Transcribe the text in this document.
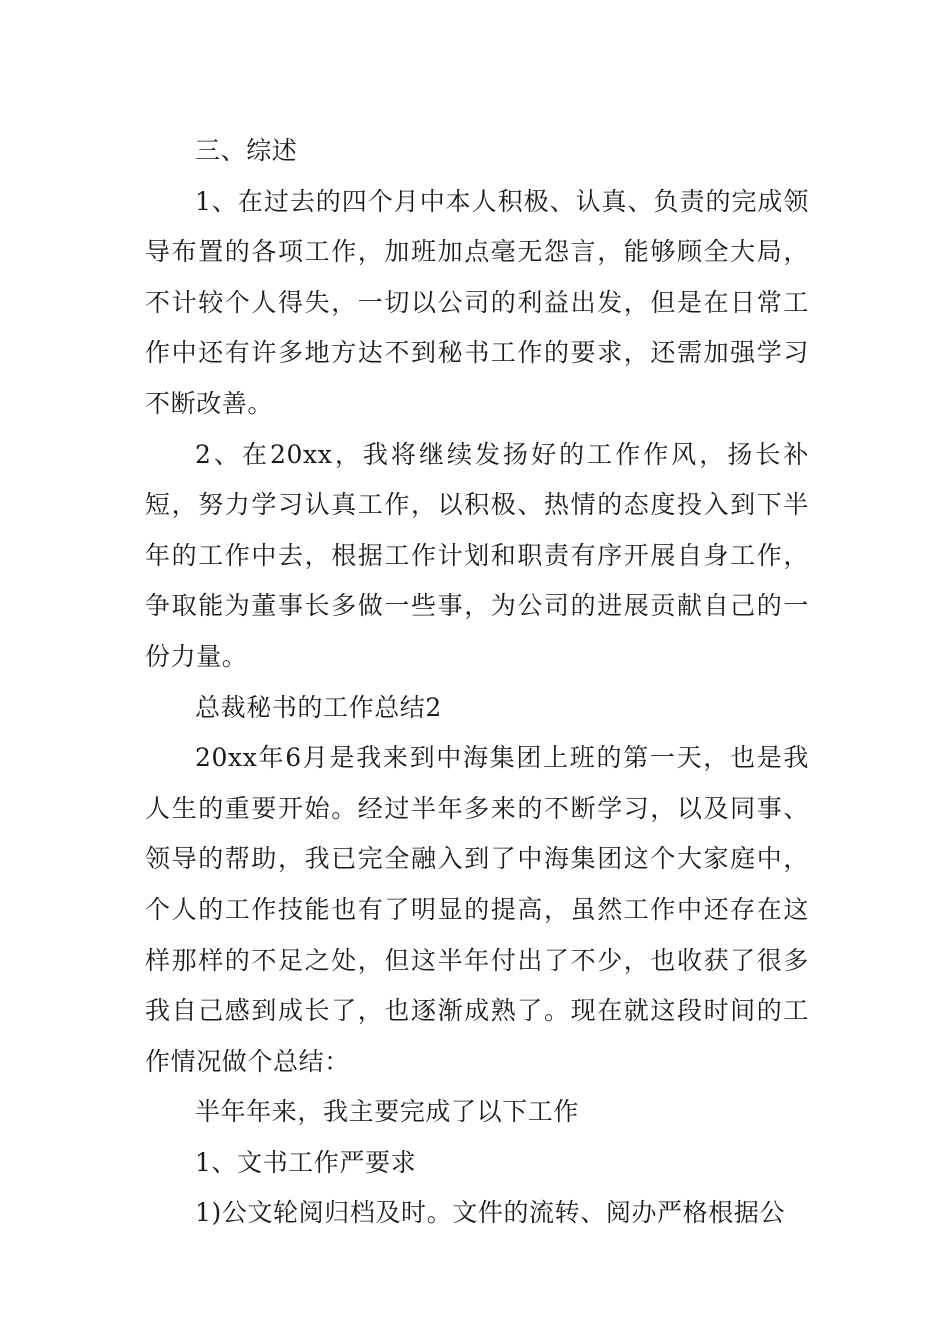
三、综述

1、在过去的四个月中本人积极、认真、负责的完成领导布置的各项工作，加班加点毫无怨言，能够顾全大局，不计较个人得失，一切以公司的利益出发，但是在日常工作中还有许多地方达不到秘书工作的要求，还需加强学习不断改善。

2、在20xx，我将继续发扬好的工作作风，扬长补短，努力学习认真工作，以积极、热情的态度投入到下半年的工作中去，根据工作计划和职责有序开展自身工作，争取能为董事长多做一些事，为公司的进展贡献自己的一份力量。

总裁秘书的工作总结2

20xx年6月是我来到中海集团上班的第一天，也是我人生的重要开始。经过半年多来的不断学习，以及同事、领导的帮助，我已完全融入到了中海集团这个大家庭中，个人的工作技能也有了明显的提高，虽然工作中还存在这样那样的不足之处，但这半年付出了不少，也收获了很多我自己感到成长了，也逐渐成熟了。现在就这段时间的工作情况做个总结：

半年年来，我主要完成了以下工作

1、文书工作严要求

1)公文轮阅归档及时。文件的流转、阅办严格根据公
